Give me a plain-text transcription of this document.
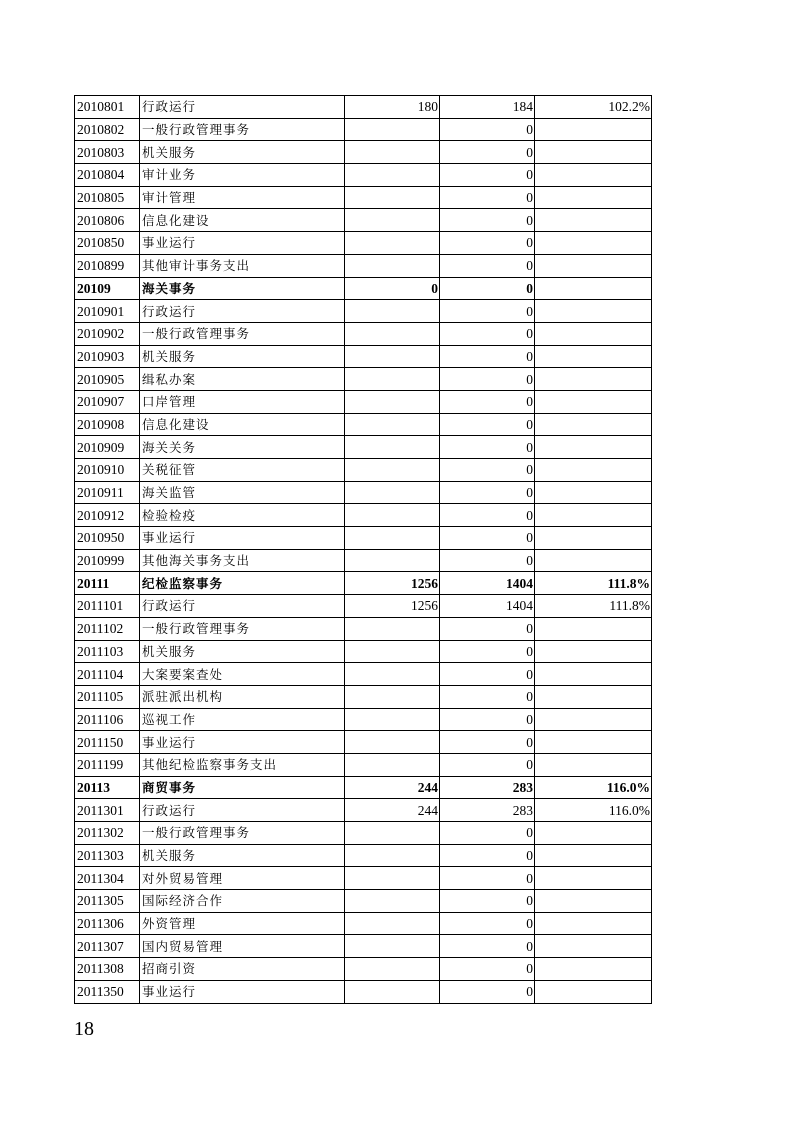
2010801	行政运行	180	184	102.2%
2010802	一般行政管理事务		0	
2010803	机关服务		0	
2010804	审计业务		0	
2010805	审计管理		0	
2010806	信息化建设		0	
2010850	事业运行		0	
2010899	其他审计事务支出		0	
20109	海关事务	0	0	
2010901	行政运行		0	
2010902	一般行政管理事务		0	
2010903	机关服务		0	
2010905	缉私办案		0	
2010907	口岸管理		0	
2010908	信息化建设		0	
2010909	海关关务		0	
2010910	关税征管		0	
2010911	海关监管		0	
2010912	检验检疫		0	
2010950	事业运行		0	
2010999	其他海关事务支出		0	
20111	纪检监察事务	1256	1404	111.8%
2011101	行政运行	1256	1404	111.8%
2011102	一般行政管理事务		0	
2011103	机关服务		0	
2011104	大案要案查处		0	
2011105	派驻派出机构		0	
2011106	巡视工作		0	
2011150	事业运行		0	
2011199	其他纪检监察事务支出		0	
20113	商贸事务	244	283	116.0%
2011301	行政运行	244	283	116.0%
2011302	一般行政管理事务		0	
2011303	机关服务		0	
2011304	对外贸易管理		0	
2011305	国际经济合作		0	
2011306	外资管理		0	
2011307	国内贸易管理		0	
2011308	招商引资		0	
2011350	事业运行		0	
18
